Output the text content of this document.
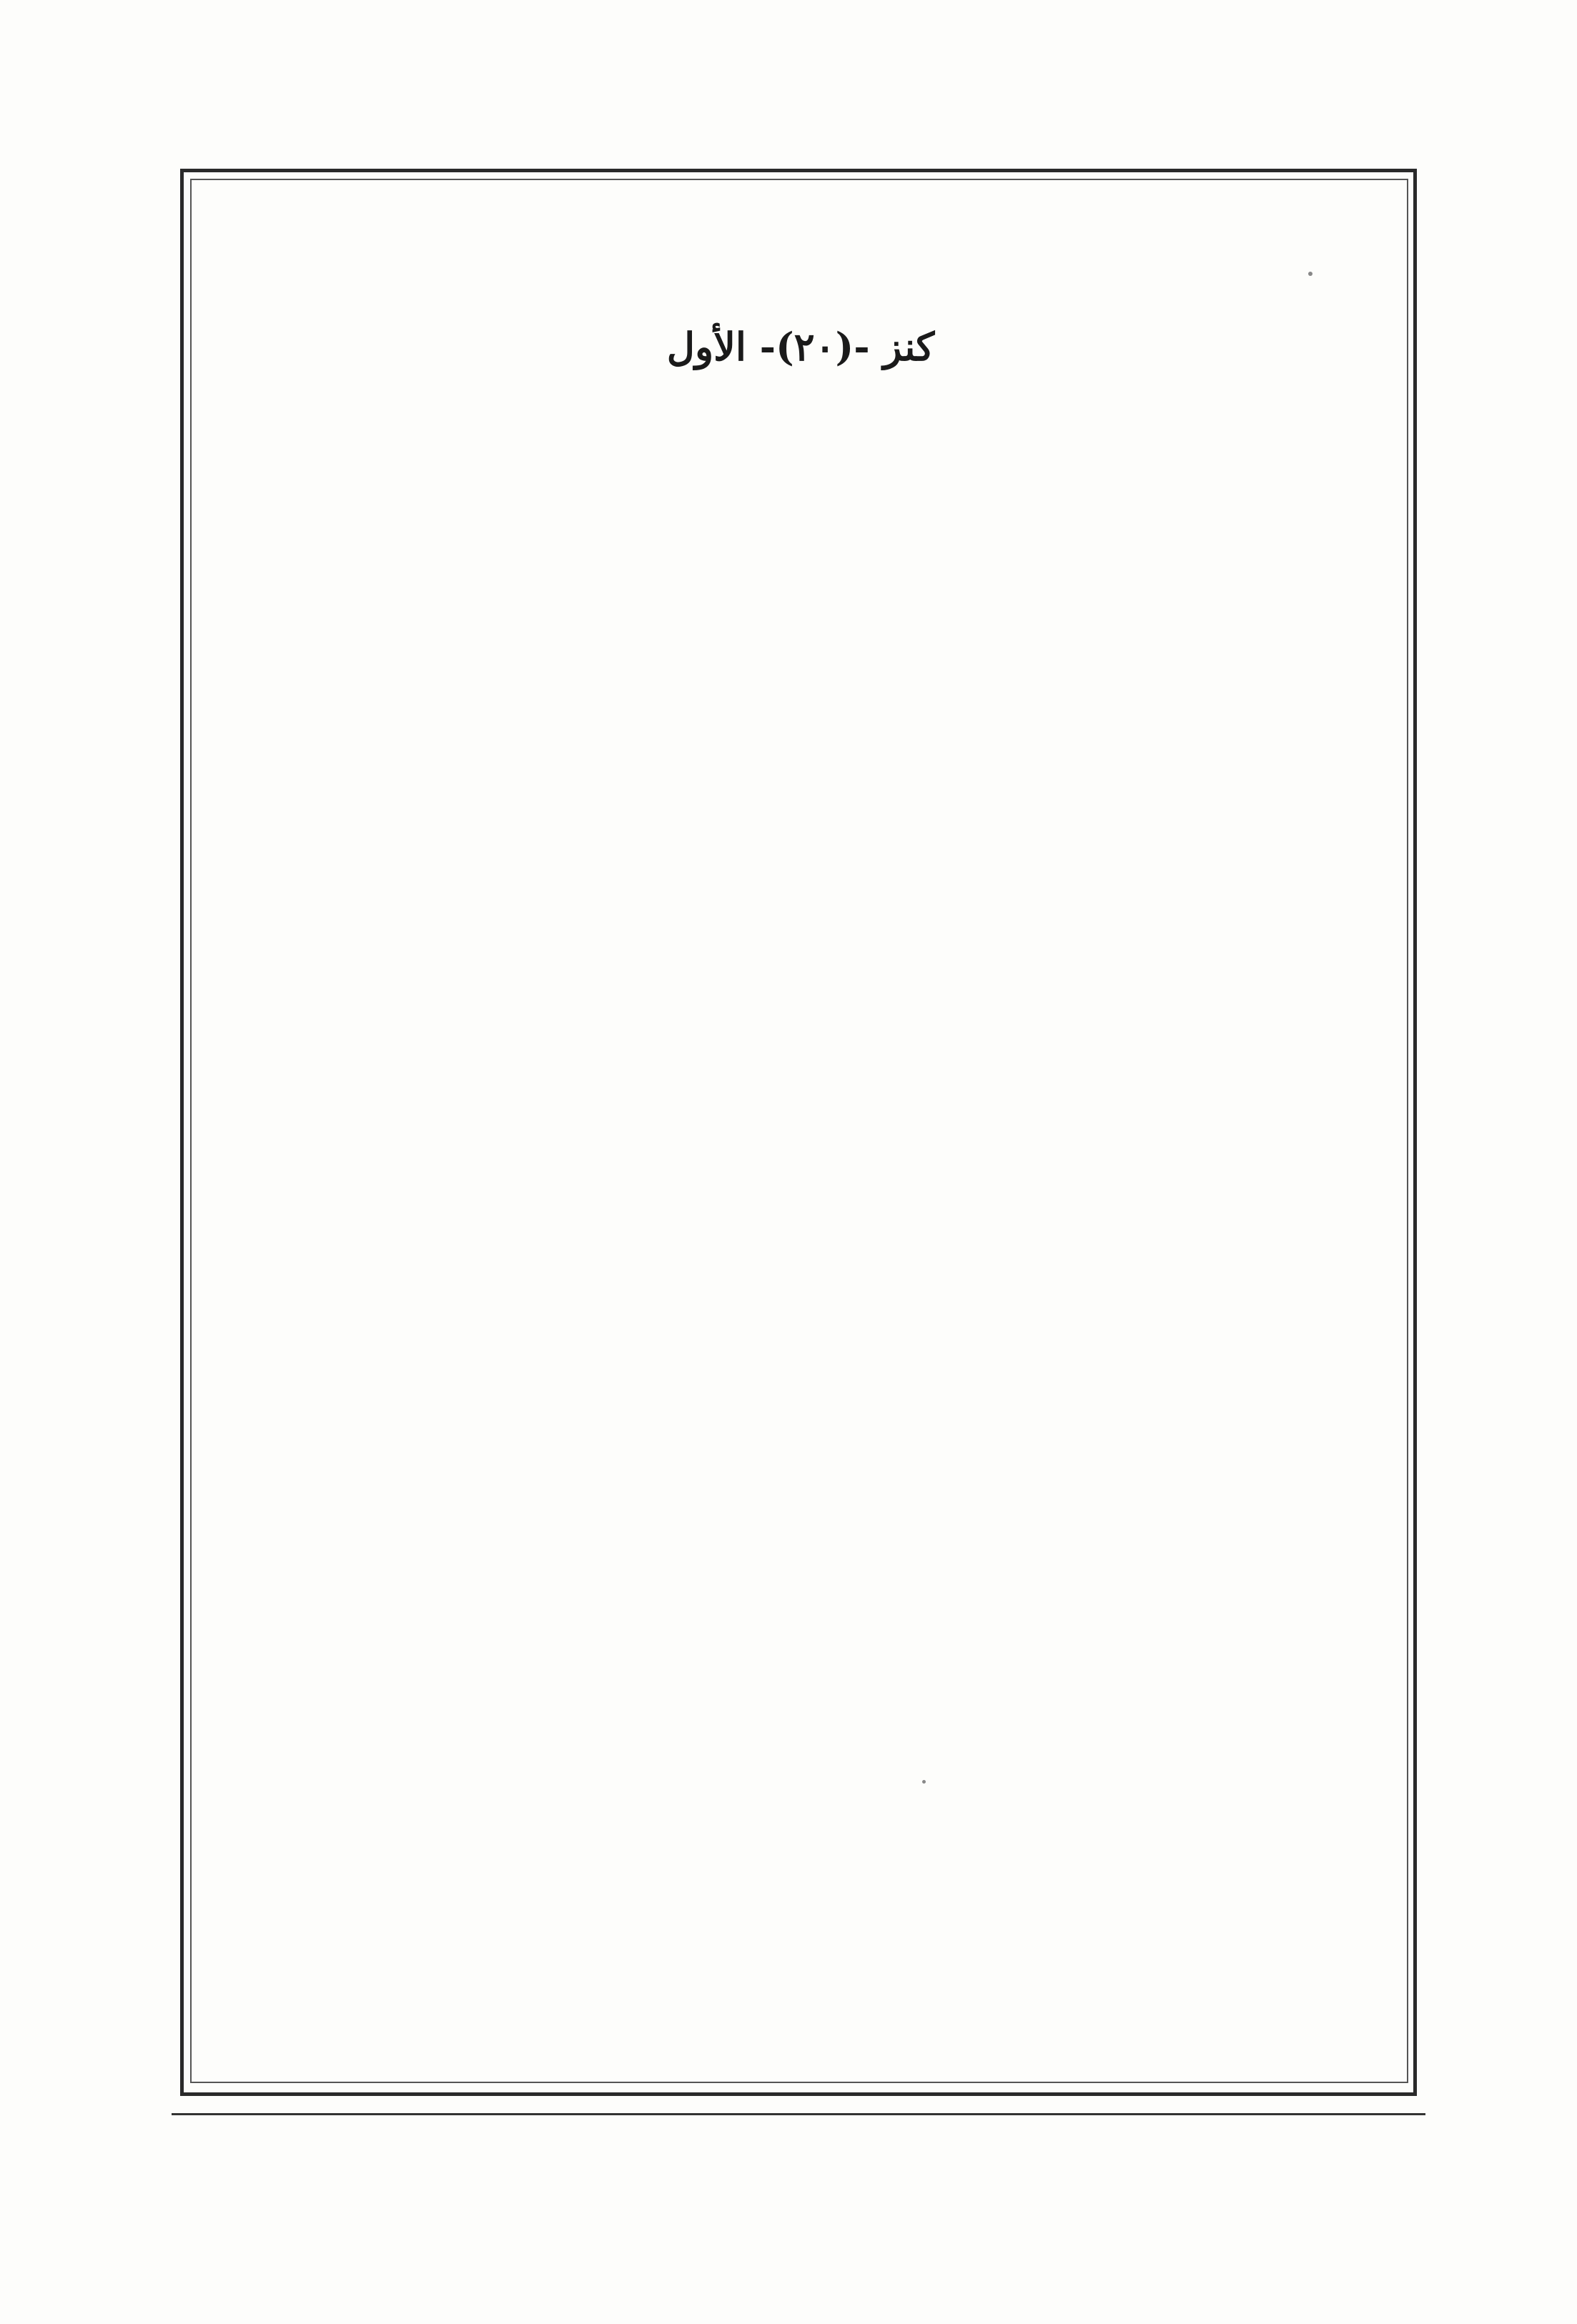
كنز -(٢٠)- الأول
